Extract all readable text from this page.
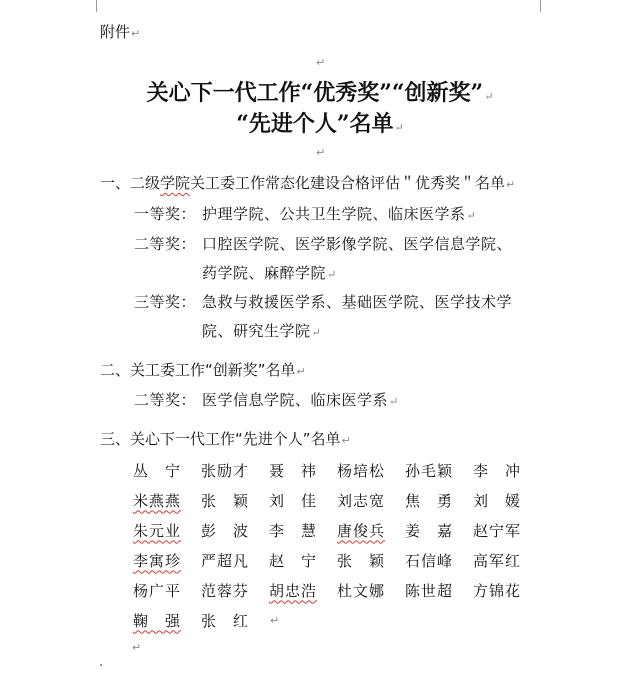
附件↵
↵
关心下一代工作“优秀奖”“创新奖”↵
“先进个人”名单↵
↵
一、二级学院关工委工作常态化建设合格评估＂优秀奖＂名单↵
一等奖： 护理学院、公共卫生学院、临床医学系↵
二等奖： 口腔医学院、医学影像学院、医学信息学院、
药学院、麻醉学院↵
三等奖： 急救与救援医学系、基础医学院、医学技术学
院、研究生学院↵
二、关工委工作“创新奖”名单↵
二等奖： 医学信息学院、临床医学系↵
三、关心下一代工作“先进个人”名单↵
丛　宁	张励才	聂　祎	杨培松	孙毛颖	李　冲
米燕燕	张　颖	刘　佳	刘志宽	焦　勇	刘　媛
朱元业	彭　波	李　慧	唐俊兵	姜　嘉	赵宁军
李寓珍	严超凡	赵　宁	张　颖	石信峰	高军红
杨广平	范蓉芬	胡忠浩	杜文娜	陈世超	方锦花
鞠　强	张　红	↵
↵
